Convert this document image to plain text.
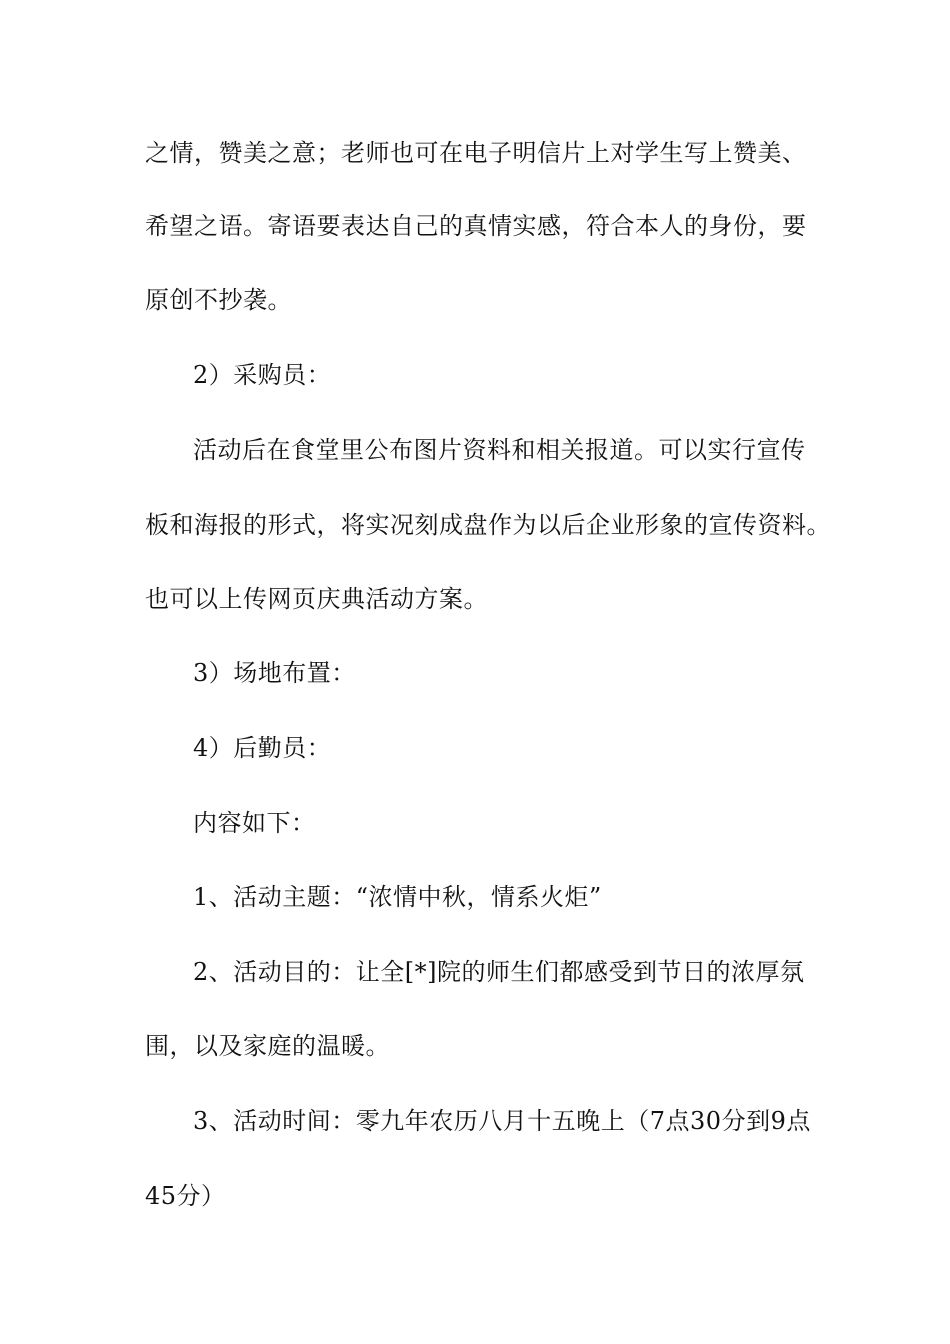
之情，赞美之意；老师也可在电子明信片上对学生写上赞美、
希望之语。寄语要表达自己的真情实感，符合本人的身份，要
原创不抄袭。
2）采购员：
活动后在食堂里公布图片资料和相关报道。可以实行宣传
板和海报的形式，将实况刻成盘作为以后企业形象的宣传资料。
也可以上传网页庆典活动方案。
3）场地布置：
4）后勤员：
内容如下：
1、活动主题：“浓情中秋，情系火炬”
2、活动目的：让全[*]院的师生们都感受到节日的浓厚氛
围，以及家庭的温暖。
3、活动时间：零九年农历八月十五晚上（7点30分到9点
45分）
